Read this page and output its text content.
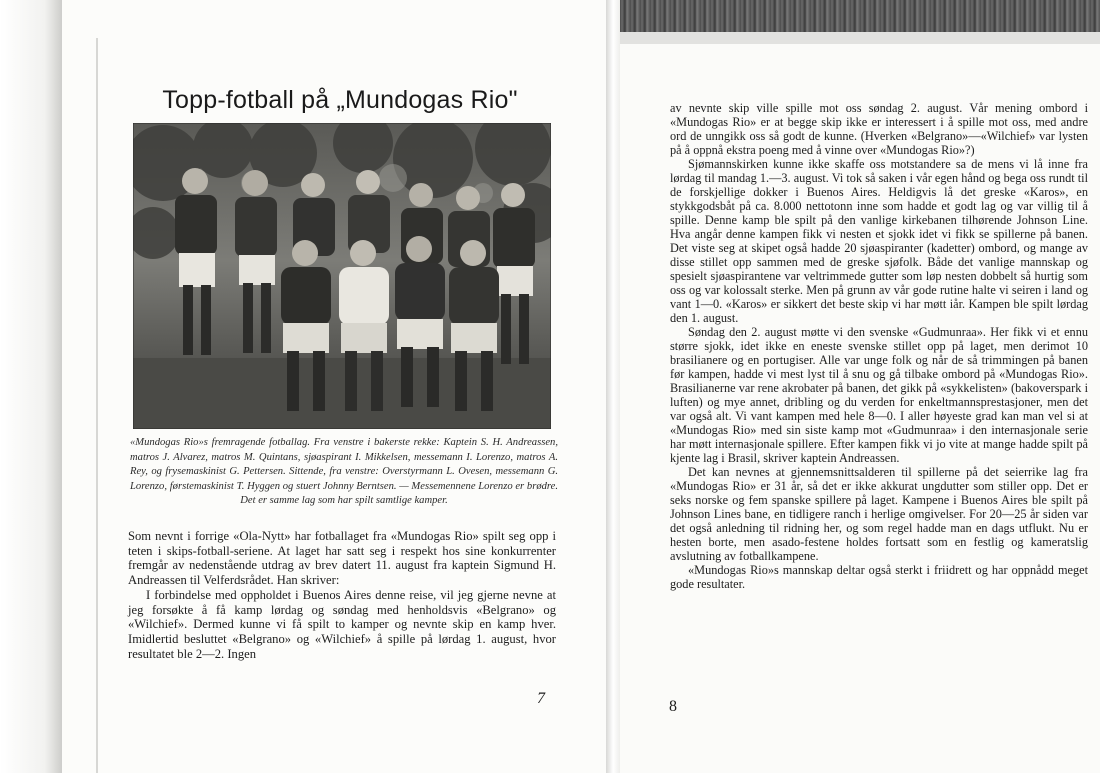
Topp-fotball på „Mundogas Rio"
«Mundogas Rio»s fremragende fotballag. Fra venstre i bakerste rekke: Kaptein S. H. Andreassen, matros J. Alvarez, matros M. Quintans, sjøaspirant I. Mikkelsen, messemann I. Lorenzo, matros A. Rey, og frysemaskinist G. Pettersen. Sittende, fra venstre: Overstyrmann L. Ovesen, messemann G. Lorenzo, førstemaskinist T. Hyggen og stuert Johnny Berntsen. — Messemennene Lorenzo er brødre. Det er samme lag som har spilt samtlige kamper.

Som nevnt i forrige «Ola-Nytt» har fotballaget fra «Mundogas Rio» spilt seg opp i teten i skips-fotball-seriene. At laget har satt seg i respekt hos sine konkurrenter fremgår av nedenstående utdrag av brev datert 11. august fra kaptein Sigmund H. Andreassen til Velferdsrådet. Han skriver:

I forbindelse med oppholdet i Buenos Aires denne reise, vil jeg gjerne nevne at jeg forsøkte å få kamp lørdag og søndag med henholdsvis «Belgrano» og «Wilchief». Dermed kunne vi få spilt to kamper og nevnte skip en kamp hver. Imidlertid besluttet «Belgrano» og «Wilchief» å spille på lørdag 1. august, hvor resultatet ble 2—2. Ingen

7

av nevnte skip ville spille mot oss søndag 2. august. Vår mening ombord i «Mundogas Rio» er at begge skip ikke er interessert i å spille mot oss, med andre ord de unngikk oss så godt de kunne. (Hverken «Belgrano»—«Wilchief» var lysten på å oppnå ekstra poeng med å vinne over «Mundogas Rio»?)

Sjømannskirken kunne ikke skaffe oss motstandere sa de mens vi lå inne fra lørdag til mandag 1.—3. august. Vi tok så saken i vår egen hånd og bega oss rundt til de forskjellige dokker i Buenos Aires. Heldigvis lå det greske «Karos», en stykkgodsbåt på ca. 8.000 nettotonn inne som hadde et godt lag og var villig til å spille. Denne kamp ble spilt på den vanlige kirkebanen tilhørende Johnson Line. Hva angår denne kampen fikk vi nesten et sjokk idet vi fikk se spillerne på banen. Det viste seg at skipet også hadde 20 sjøaspiranter (kadetter) ombord, og mange av disse stillet opp sammen med de greske sjøfolk. Både det vanlige mannskap og spesielt sjøaspirantene var veltrimmede gutter som løp nesten dobbelt så hurtig som oss og var kolossalt sterke. Men på grunn av vår gode rutine halte vi seiren i land og vant 1—0. «Karos» er sikkert det beste skip vi har møtt iår. Kampen ble spilt lørdag den 1. august.

Søndag den 2. august møtte vi den svenske «Gudmunraa». Her fikk vi et ennu større sjokk, idet ikke en eneste svenske stillet opp på laget, men derimot 10 brasilianere og en portugiser. Alle var unge folk og når de så trimmingen på banen før kampen, hadde vi mest lyst til å snu og gå tilbake ombord på «Mundogas Rio». Brasilianerne var rene akrobater på banen, det gikk på «sykkelisten» (bakoverspark i luften) og mye annet, dribling og du verden for enkeltmannsprestasjoner, men det var også alt. Vi vant kampen med hele 8—0. I aller høyeste grad kan man vel si at «Mundogas Rio» med sin siste kamp mot «Gudmunraa» i den internasjonale serie har møtt internasjonale spillere. Efter kampen fikk vi jo vite at mange hadde spilt på kjente lag i Brasil, skriver kaptein Andreassen.

Det kan nevnes at gjennemsnittsalderen til spillerne på det seierrike lag fra «Mundogas Rio» er 31 år, så det er ikke akkurat ungdutter som stiller opp. Det er seks norske og fem spanske spillere på laget. Kampene i Buenos Aires ble spilt på Johnson Lines bane, en tidligere ranch i herlige omgivelser. For 20—25 år siden var det også anledning til ridning her, og som regel hadde man en dags utflukt. Nu er hesten borte, men asado-festene holdes fortsatt som en festlig og kameratslig avslutning av fotballkampene.

«Mundogas Rio»s mannskap deltar også sterkt i friidrett og har oppnådd meget gode resultater.

8
